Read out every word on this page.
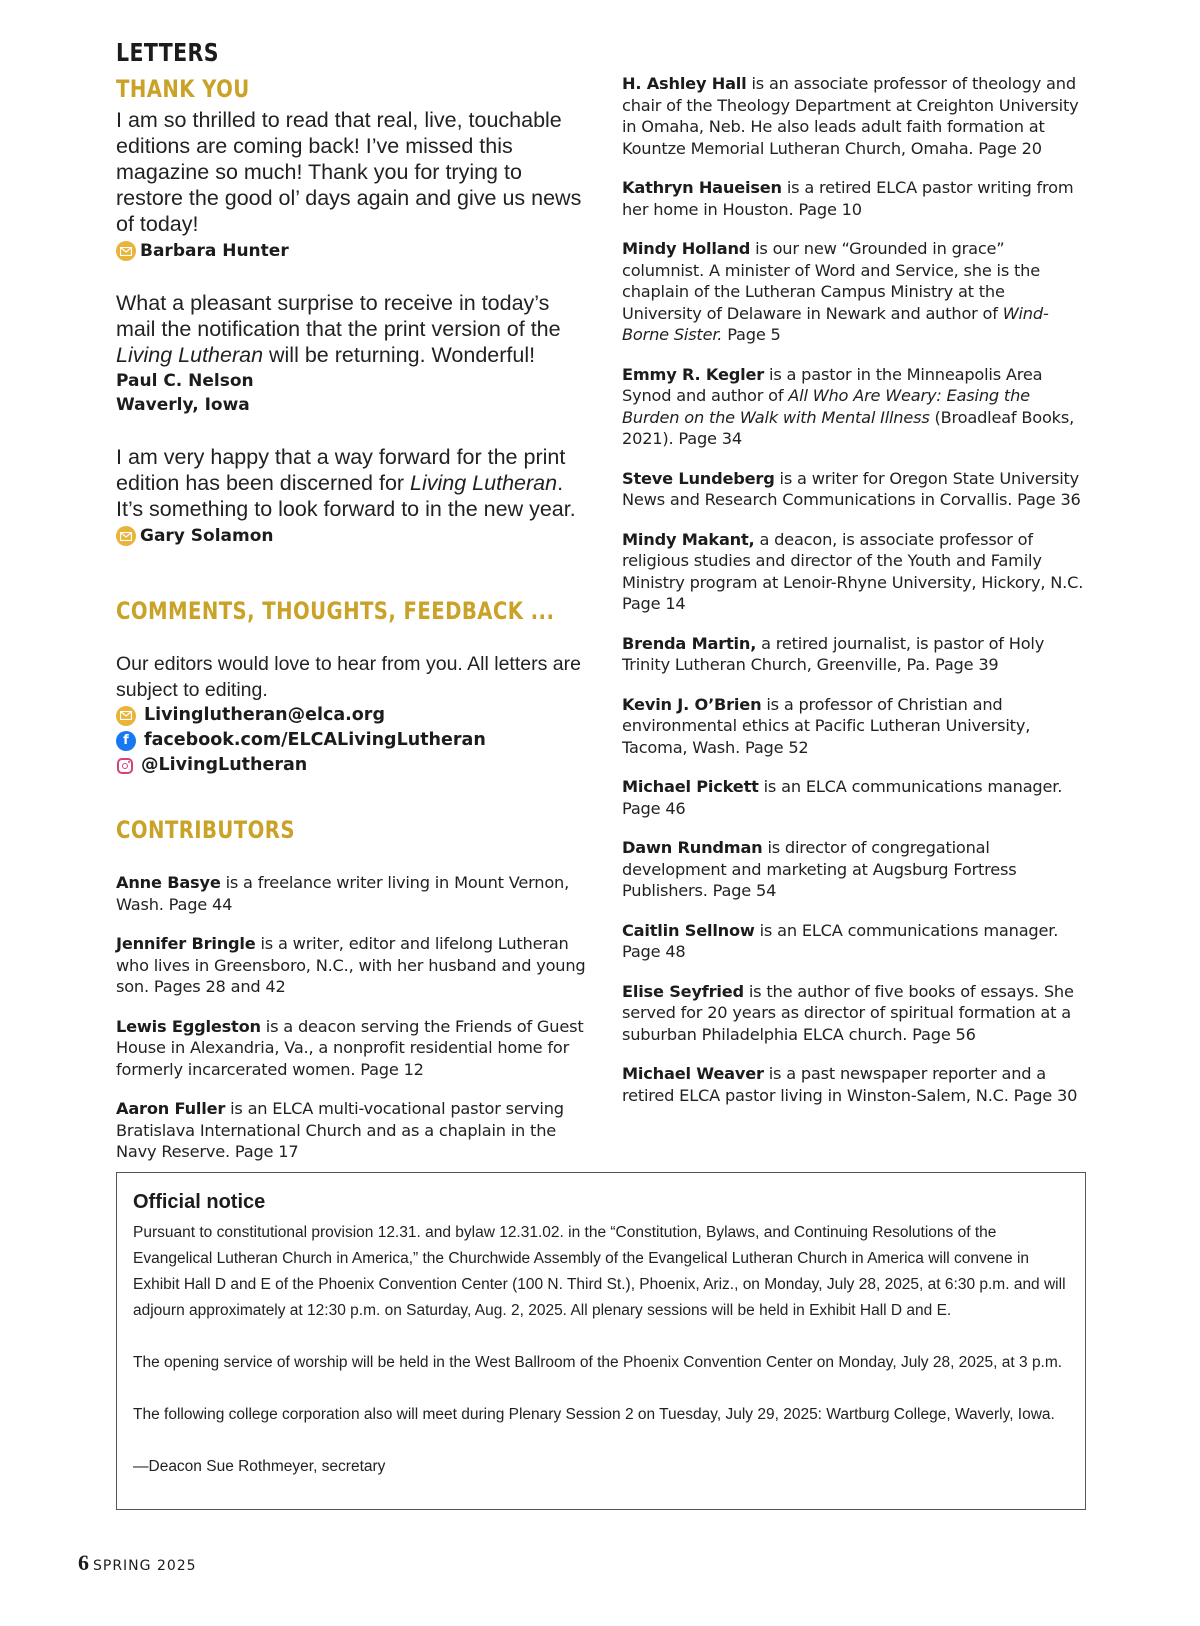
LETTERS
THANK YOU

I am so thrilled to read that real, live, touchable editions are coming back! I’ve missed this magazine so much! Thank you for trying to restore the good ol’ days again and give us news of today!

Barbara Hunter

What a pleasant surprise to receive in today’s mail the notification that the print version of the Living Lutheran will be returning. Wonderful!

Paul C. Nelson
Waverly, Iowa

I am very happy that a way forward for the print edition has been discerned for Living Lutheran. It’s something to look forward to in the new year.

Gary Solamon
COMMENTS, THOUGHTS, FEEDBACK ...

Our editors would love to hear from you. All letters are subject to editing.

Livinglutheran@elca.org
f facebook.com/ELCALivingLutheran
@LivingLutheran
CONTRIBUTORS

Anne Basye is a freelance writer living in Mount Vernon, Wash. Page 44

Jennifer Bringle is a writer, editor and lifelong Lutheran who lives in Greensboro, N.C., with her husband and young son. Pages 28 and 42

Lewis Eggleston is a deacon serving the Friends of Guest House in Alexandria, Va., a nonprofit residential home for formerly incarcerated women. Page 12

Aaron Fuller is an ELCA multi-vocational pastor serving Bratislava International Church and as a chaplain in the Navy Reserve. Page 17

H. Ashley Hall is an associate professor of theology and chair of the Theology Department at Creighton University in Omaha, Neb. He also leads adult faith formation at Kountze Memorial Lutheran Church, Omaha. Page 20

Kathryn Haueisen is a retired ELCA pastor writing from her home in Houston. Page 10

Mindy Holland is our new “Grounded in grace” columnist. A minister of Word and Service, she is the chaplain of the Lutheran Campus Ministry at the University of Delaware in Newark and author of Wind-Borne Sister. Page 5

Emmy R. Kegler is a pastor in the Minneapolis Area Synod and author of All Who Are Weary: Easing the Burden on the Walk with Mental Illness (Broadleaf Books, 2021). Page 34

Steve Lundeberg is a writer for Oregon State University News and Research Communications in Corvallis. Page 36

Mindy Makant, a deacon, is associate professor of religious studies and director of the Youth and Family Ministry program at Lenoir-Rhyne University, Hickory, N.C. Page 14

Brenda Martin, a retired journalist, is pastor of Holy Trinity Lutheran Church, Greenville, Pa. Page 39

Kevin J. O’Brien is a professor of Christian and environmental ethics at Pacific Lutheran University, Tacoma, Wash. Page 52

Michael Pickett is an ELCA communications manager. Page 46

Dawn Rundman is director of congregational development and marketing at Augsburg Fortress Publishers. Page 54

Caitlin Sellnow is an ELCA communications manager. Page 48

Elise Seyfried is the author of five books of essays. She served for 20 years as director of spiritual formation at a suburban Philadelphia ELCA church. Page 56

Michael Weaver is a past newspaper reporter and a retired ELCA pastor living in Winston-Salem, N.C. Page 30

Official notice

Pursuant to constitutional provision 12.31. and bylaw 12.31.02. in the “Constitution, Bylaws, and Continuing Resolutions of the Evangelical Lutheran Church in America,” the Churchwide Assembly of the Evangelical Lutheran Church in America will convene in Exhibit Hall D and E of the Phoenix Convention Center (100 N. Third St.), Phoenix, Ariz., on Monday, July 28, 2025, at 6:30 p.m. and will adjourn approximately at 12:30 p.m. on Saturday, Aug. 2, 2025. All plenary sessions will be held in Exhibit Hall D and E.

The opening service of worship will be held in the West Ballroom of the Phoenix Convention Center on Monday, July 28, 2025, at 3 p.m.

The following college corporation also will meet during Plenary Session 2 on Tuesday, July 29, 2025: Wartburg College, Waverly, Iowa.

—Deacon Sue Rothmeyer, secretary

6 SPRING 2025
